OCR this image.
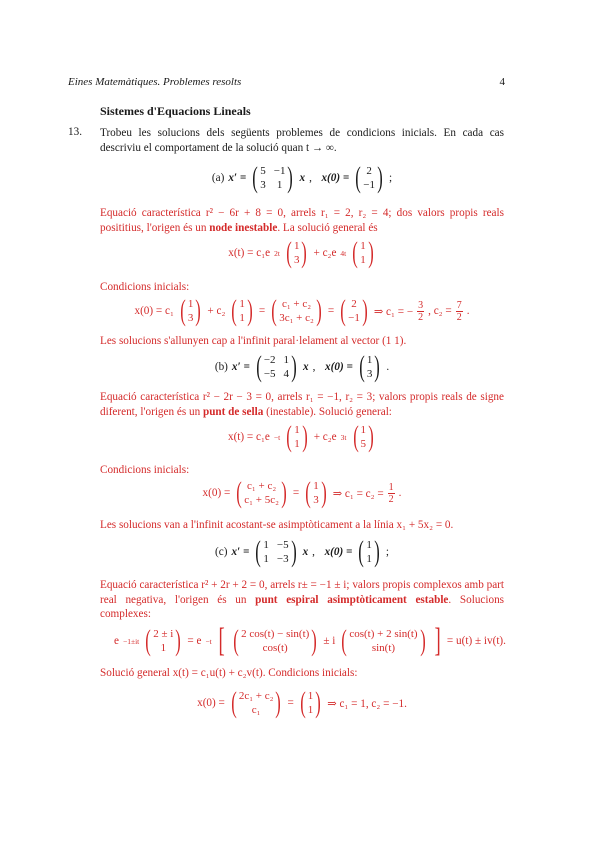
Eines Matemàtiques. Problemes resolts	4
Sistemes d'Equacions Lineals
13. Trobeu les solucions dels següents problemes de condicions inicials. En cada cas descriviu el comportament de la solució quan t → ∞.
(a) x′ = ( 5 −1
3 1 ) x , x(0) = ( 2
−1 ) ;
Equació característica r² − 6r + 8 = 0, arrels r₁ = 2, r₂ = 4; dos valors propis reals posititius, l'origen és un node inestable. La solució general és
x(t) = c₁e 2t ( 1
3 ) + c₂e 4t ( 1
1 )
Condicions inicials:
x(0) = c₁ ( 1
3 ) + c₂ ( 1
1 ) = ( c₁ + c₂
3c₁ + c₂ ) = ( 2
−1 ) ⇒ c₁ = − $\frac{3}{2}$ , $c_2 = \frac{7}{2}$ .
Les solucions s'allunyen cap a l'infinit paral·lelament al vector (1 1).
(b) x′ = ( −2 1
−5 4 ) x , x(0) = ( 1
3 ) .
Equació característica r² − 2r − 3 = 0, arrels r₁ = −1, r₂ = 3; valors propis reals de signe diferent, l'origen és un punt de sella (inestable). Solució general:
x(t) = c₁e −t ( 1
1 ) + c₂e 3t ( 1
5 )
Condicions inicials:
x(0) = ( c₁ + c₂
c₁ + 5c₂ ) = ( 1
3 ) ⇒ $c_1 = c_2 = \frac{1}{2}$ .
Les solucions van a l'infinit acostant-se asimptòticament a la línia x₁ + 5x₂ = 0.
(c) x′ = ( 1 −5
1 −3 ) x , x(0) = ( 1
1 ) ;
Equació característica r² + 2r + 2 = 0, arrels r± = −1 ± i; valors propis complexos amb part real negativa, l'origen és un punt espiral asimptòticament estable. Solucions complexes:
e −1±it ( 2 ± i
1 ) = e −t [ ( 2 cos(t) − sin(t)
cos(t) ) ± i ( cos(t) + 2 sin(t)
sin(t) ) ] = u(t) ± iv(t).
Solució general x(t) = c₁u(t) + c₂v(t). Condicions inicials:
x(0) = ( 2c₁ + c₂
c₁ ) = ( 1
1 ) ⇒ c₁ = 1, c₂ = −1.
